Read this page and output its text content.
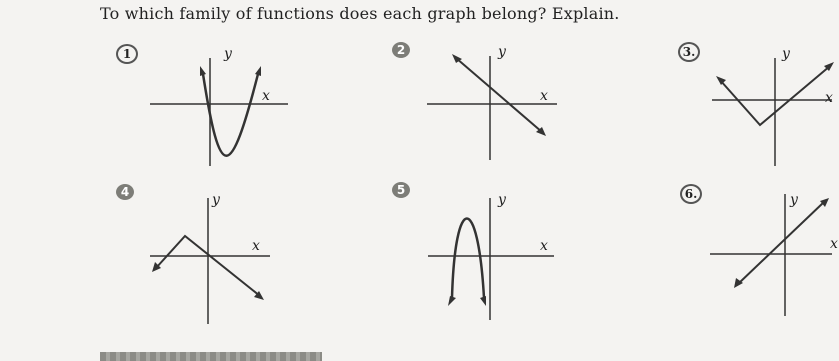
To which family of functions does each graph belong? Explain.
1	y
x
2	y
x
3.	y
x
4	y
x
5
y
x
6.	y
x
